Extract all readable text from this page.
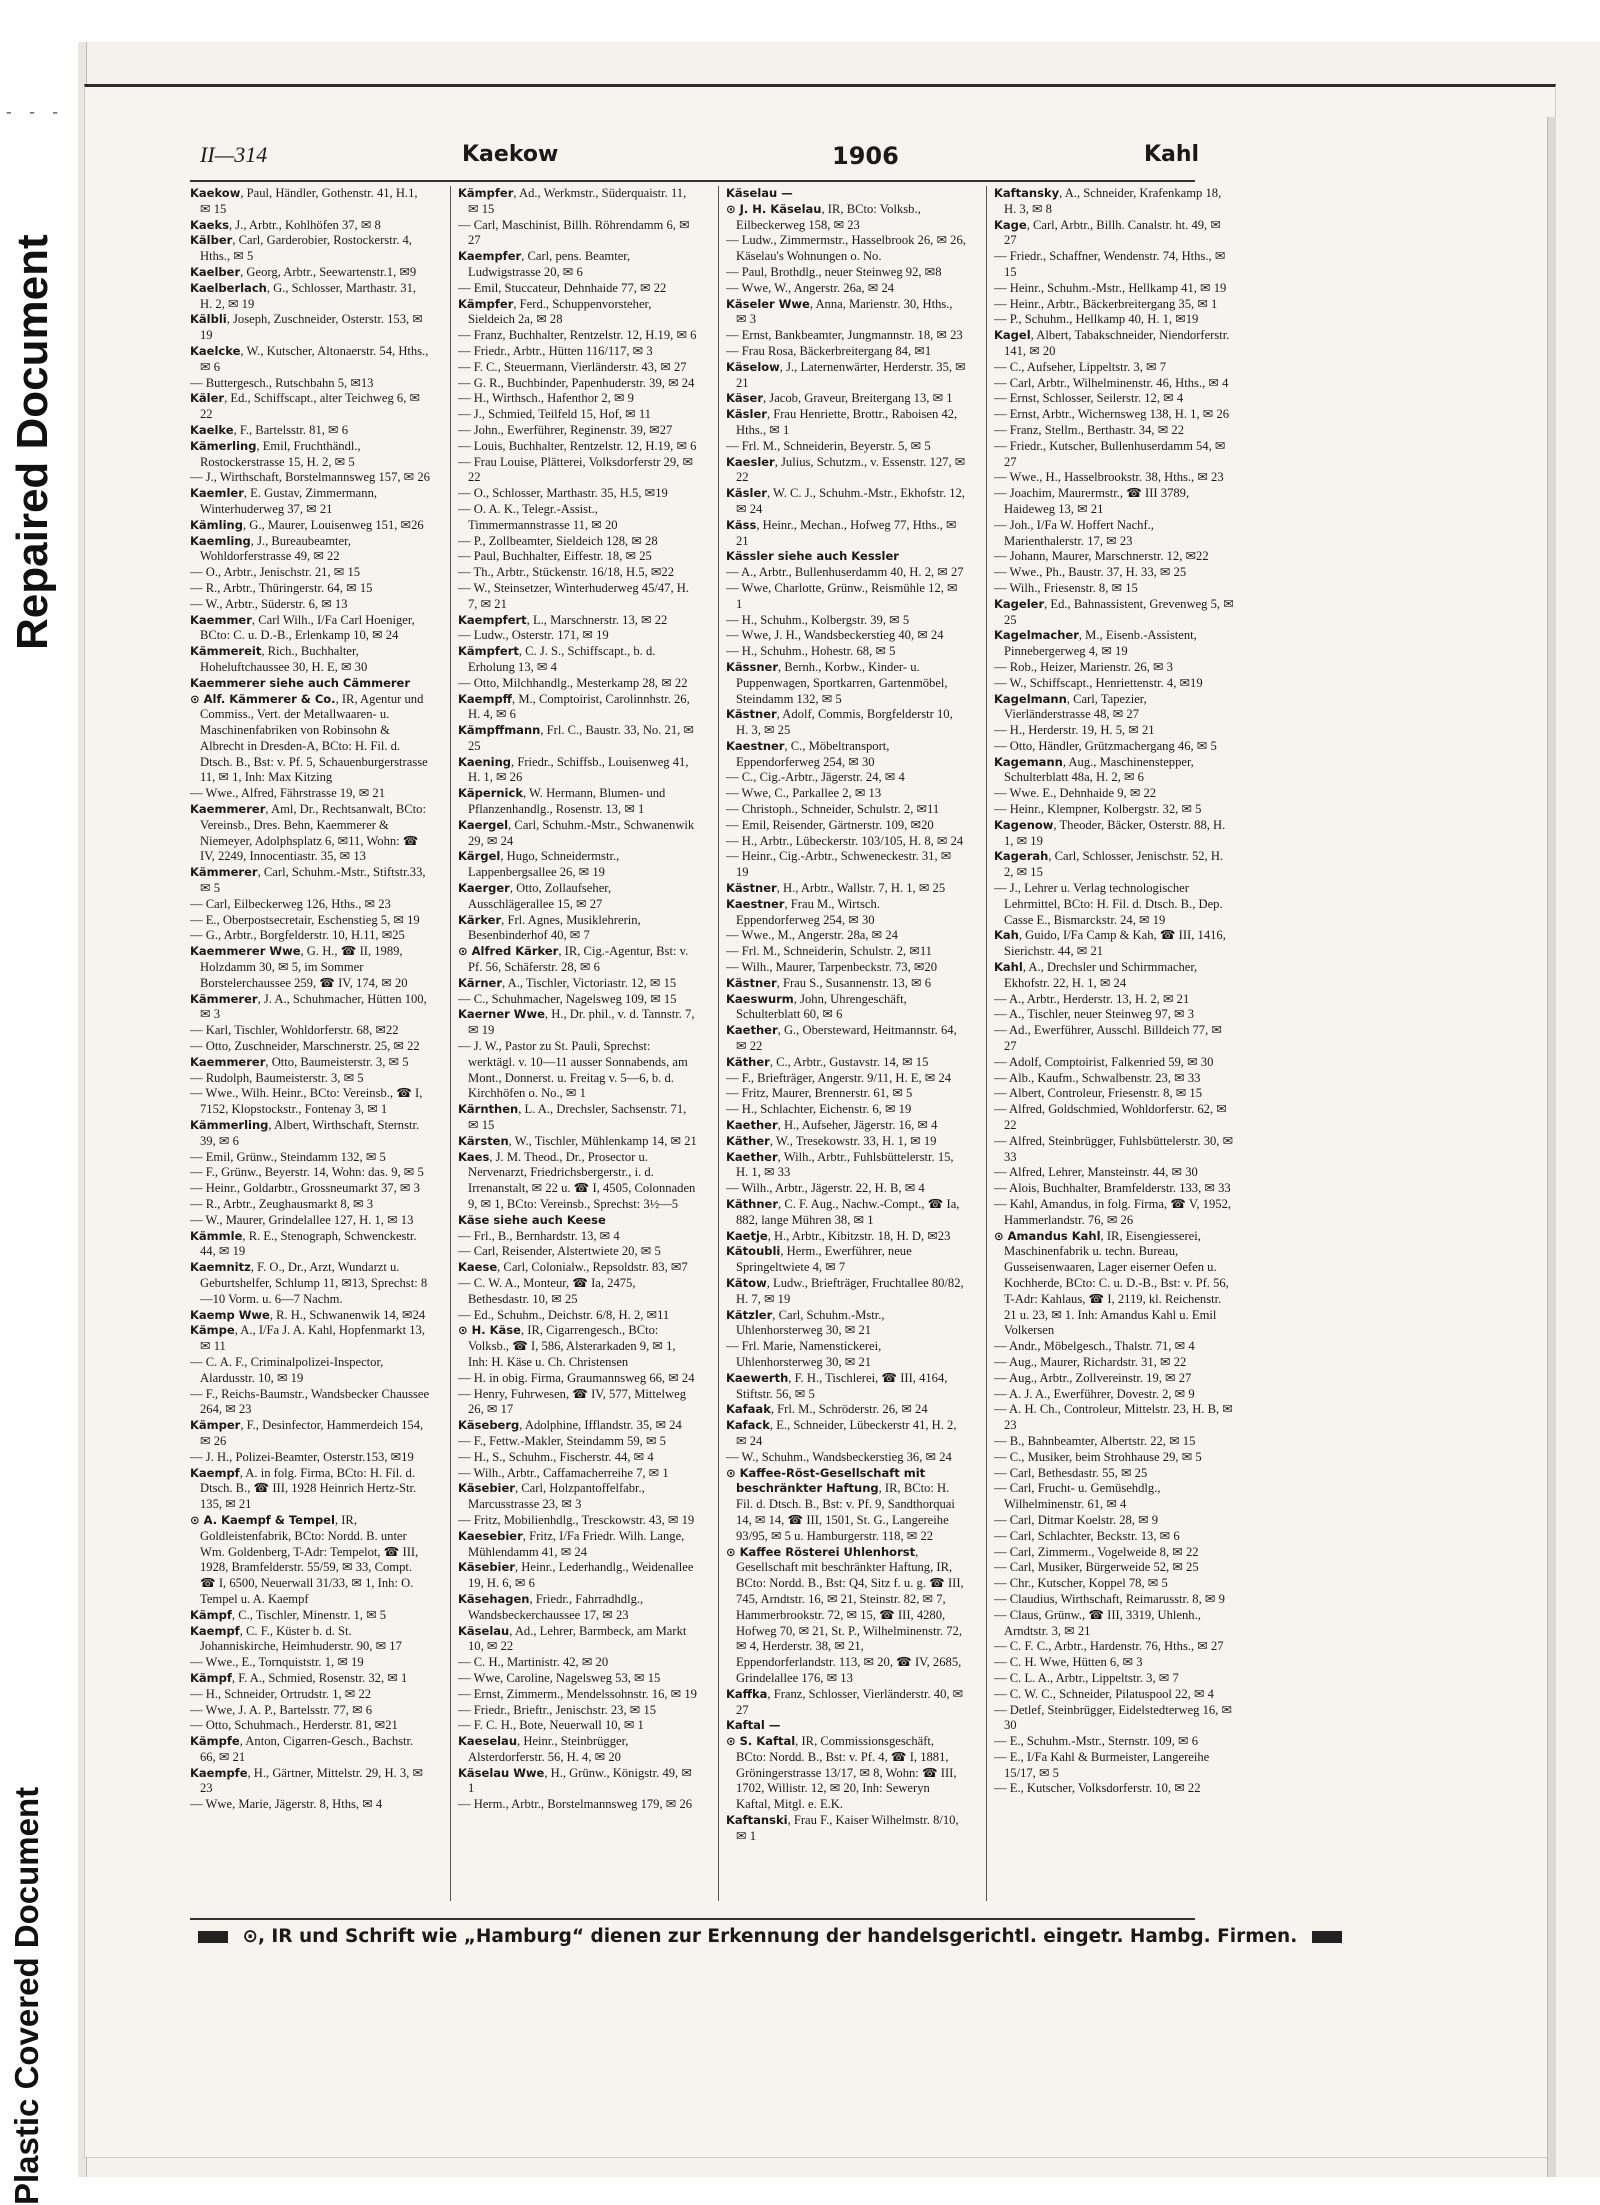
- - -
Repaired Document
Plastic Covered Document
II—314	Kaekow	1906	Kahl

Kaekow, Paul, Händler, Gothenstr. 41, H.1, ✉ 15

Kaeks, J., Arbtr., Kohlhöfen 37, ✉ 8

Kälber, Carl, Garderobier, Rostockerstr. 4, Hths., ✉ 5

Kaelber, Georg, Arbtr., Seewartenstr.1, ✉9

Kaelberlach, G., Schlosser, Marthastr. 31, H. 2, ✉ 19

Kälbli, Joseph, Zuschneider, Osterstr. 153, ✉ 19

Kaelcke, W., Kutscher, Altonaerstr. 54, Hths., ✉ 6

— Buttergesch., Rutschbahn 5, ✉13

Käler, Ed., Schiffscapt., alter Teichweg 6, ✉ 22

Kaelke, F., Bartelsstr. 81, ✉ 6

Kämerling, Emil, Fruchthändl., Rostockerstrasse 15, H. 2, ✉ 5

— J., Wirthschaft, Borstelmannsweg 157, ✉ 26

Kaemler, E. Gustav, Zimmermann, Winterhuderweg 37, ✉ 21

Kämling, G., Maurer, Louisenweg 151, ✉26

Kaemling, J., Bureaubeamter, Wohldorferstrasse 49, ✉ 22

— O., Arbtr., Jenischstr. 21, ✉ 15

— R., Arbtr., Thüringerstr. 64, ✉ 15

— W., Arbtr., Süderstr. 6, ✉ 13

Kaemmer, Carl Wilh., I/Fa Carl Hoeniger, BCto: C. u. D.-B., Erlenkamp 10, ✉ 24

Kämmereit, Rich., Buchhalter, Hoheluftchaussee 30, H. E, ✉ 30

Kaemmerer siehe auch Cämmerer

⊙ Alf. Kämmerer & Co., IR, Agentur und Commiss., Vert. der Metallwaaren- u. Maschinenfabriken von Robinsohn & Albrecht in Dresden-A, BCto: H. Fil. d. Dtsch. B., Bst: v. Pf. 5, Schauenburgerstrasse 11, ✉ 1, Inh: Max Kitzing

— Wwe., Alfred, Fährstrasse 19, ✉ 21

Kaemmerer, Aml, Dr., Rechtsanwalt, BCto: Vereinsb., Dres. Behn, Kaemmerer & Niemeyer, Adolphsplatz 6, ✉11, Wohn: ☎ IV, 2249, Innocentiastr. 35, ✉ 13

Kämmerer, Carl, Schuhm.-Mstr., Stiftstr.33, ✉ 5

— Carl, Eilbeckerweg 126, Hths., ✉ 23

— E., Oberpostsecretair, Eschenstieg 5, ✉ 19

— G., Arbtr., Borgfelderstr. 10, H.11, ✉25

Kaemmerer Wwe, G. H., ☎ II, 1989, Holzdamm 30, ✉ 5, im Sommer Borstelerchaussee 259, ☎ IV, 174, ✉ 20

Kämmerer, J. A., Schuhmacher, Hütten 100, ✉ 3

— Karl, Tischler, Wohldorferstr. 68, ✉22

— Otto, Zuschneider, Marschnerstr. 25, ✉ 22

Kaemmerer, Otto, Baumeisterstr. 3, ✉ 5

— Rudolph, Baumeisterstr. 3, ✉ 5

— Wwe., Wilh. Heinr., BCto: Vereinsb., ☎ I, 7152, Klopstockstr., Fontenay 3, ✉ 1

Kämmerling, Albert, Wirthschaft, Sternstr. 39, ✉ 6

— Emil, Grünw., Steindamm 132, ✉ 5

— F., Grünw., Beyerstr. 14, Wohn: das. 9, ✉ 5

— Heinr., Goldarbtr., Grossneumarkt 37, ✉ 3

— R., Arbtr., Zeughausmarkt 8, ✉ 3

— W., Maurer, Grindelallee 127, H. 1, ✉ 13

Kämmle, R. E., Stenograph, Schwenckestr. 44, ✉ 19

Kaemnitz, F. O., Dr., Arzt, Wundarzt u. Geburtshelfer, Schlump 11, ✉13, Sprechst: 8—10 Vorm. u. 6—7 Nachm.

Kaemp Wwe, R. H., Schwanenwik 14, ✉24

Kämpe, A., I/Fa J. A. Kahl, Hopfenmarkt 13, ✉ 11

— C. A. F., Criminalpolizei-Inspector, Alardusstr. 10, ✉ 19

— F., Reichs-Baumstr., Wandsbecker Chaussee 264, ✉ 23

Kämper, F., Desinfector, Hammerdeich 154, ✉ 26

— J. H., Polizei-Beamter, Osterstr.153, ✉19

Kaempf, A. in folg. Firma, BCto: H. Fil. d. Dtsch. B., ☎ III, 1928 Heinrich Hertz-Str. 135, ✉ 21

⊙ A. Kaempf & Tempel, IR, Goldleistenfabrik, BCto: Nordd. B. unter Wm. Goldenberg, T-Adr: Tempelot, ☎ III, 1928, Bramfelderstr. 55/59, ✉ 33, Compt. ☎ I, 6500, Neuerwall 31/33, ✉ 1, Inh: O. Tempel u. A. Kaempf

Kämpf, C., Tischler, Minenstr. 1, ✉ 5

Kaempf, C. F., Küster b. d. St. Johanniskirche, Heimhuderstr. 90, ✉ 17

— Wwe., E., Tornquiststr. 1, ✉ 19

Kämpf, F. A., Schmied, Rosenstr. 32, ✉ 1

— H., Schneider, Ortrudstr. 1, ✉ 22

— Wwe, J. A. P., Bartelsstr. 77, ✉ 6

— Otto, Schuhmach., Herderstr. 81, ✉21

Kämpfe, Anton, Cigarren-Gesch., Bachstr. 66, ✉ 21

Kaempfe, H., Gärtner, Mittelstr. 29, H. 3, ✉ 23

— Wwe, Marie, Jägerstr. 8, Hths, ✉ 4

Kämpfer, Ad., Werkmstr., Süderquaistr. 11, ✉ 15

— Carl, Maschinist, Billh. Röhrendamm 6, ✉ 27

Kaempfer, Carl, pens. Beamter, Ludwigstrasse 20, ✉ 6

— Emil, Stuccateur, Dehnhaide 77, ✉ 22

Kämpfer, Ferd., Schuppenvorsteher, Sieldeich 2a, ✉ 28

— Franz, Buchhalter, Rentzelstr. 12, H.19, ✉ 6

— Friedr., Arbtr., Hütten 116/117, ✉ 3

— F. C., Steuermann, Vierländerstr. 43, ✉ 27

— G. R., Buchbinder, Papenhuderstr. 39, ✉ 24

— H., Wirthsch., Hafenthor 2, ✉ 9

— J., Schmied, Teilfeld 15, Hof, ✉ 11

— John., Ewerführer, Reginenstr. 39, ✉27

— Louis, Buchhalter, Rentzelstr. 12, H.19, ✉ 6

— Frau Louise, Plätterei, Volksdorferstr 29, ✉ 22

— O., Schlosser, Marthastr. 35, H.5, ✉19

— O. A. K., Telegr.-Assist., Timmermannstrasse 11, ✉ 20

— P., Zollbeamter, Sieldeich 128, ✉ 28

— Paul, Buchhalter, Eiffestr. 18, ✉ 25

— Th., Arbtr., Stückenstr. 16/18, H.5, ✉22

— W., Steinsetzer, Winterhuderweg 45/47, H. 7, ✉ 21

Kaempfert, L., Marschnerstr. 13, ✉ 22

— Ludw., Osterstr. 171, ✉ 19

Kämpfert, C. J. S., Schiffscapt., b. d. Erholung 13, ✉ 4

— Otto, Milchhandlg., Mesterkamp 28, ✉ 22

Kaempff, M., Comptoirist, Carolinnhstr. 26, H. 4, ✉ 6

Kämpffmann, Frl. C., Baustr. 33, No. 21, ✉25

Kaening, Friedr., Schiffsb., Louisenweg 41, H. 1, ✉ 26

Käpernick, W. Hermann, Blumen- und Pflanzenhandlg., Rosenstr. 13, ✉ 1

Kaergel, Carl, Schuhm.-Mstr., Schwanenwik 29, ✉ 24

Kärgel, Hugo, Schneidermstr., Lappenbergsallee 26, ✉ 19

Kaerger, Otto, Zollaufseher, Ausschlägerallee 15, ✉ 27

Kärker, Frl. Agnes, Musiklehrerin, Besenbinderhof 40, ✉ 7

⊙ Alfred Kärker, IR, Cig.-Agentur, Bst: v. Pf. 56, Schäferstr. 28, ✉ 6

Kärner, A., Tischler, Victoriastr. 12, ✉ 15

— C., Schuhmacher, Nagelsweg 109, ✉ 15

Kaerner Wwe, H., Dr. phil., v. d. Tannstr. 7, ✉ 19

— J. W., Pastor zu St. Pauli, Sprechst: werktägl. v. 10—11 ausser Sonnabends, am Mont., Donnerst. u. Freitag v. 5—6, b. d. Kirchhöfen o. No., ✉ 1

Kärnthen, L. A., Drechsler, Sachsenstr. 71, ✉ 15

Kärsten, W., Tischler, Mühlenkamp 14, ✉ 21

Kaes, J. M. Theod., Dr., Prosector u. Nervenarzt, Friedrichsbergerstr., i. d. Irrenanstalt, ✉ 22 u. ☎ I, 4505, Colonnaden 9, ✉ 1, BCto: Vereinsb., Sprechst: 3½—5

Käse siehe auch Keese

— Frl., B., Bernhardstr. 13, ✉ 4

— Carl, Reisender, Alstertwiete 20, ✉ 5

Kaese, Carl, Colonialw., Repsoldstr. 83, ✉7

— C. W. A., Monteur, ☎ Ia, 2475, Bethesdastr. 10, ✉ 25

— Ed., Schuhm., Deichstr. 6/8, H. 2, ✉11

⊙ H. Käse, IR, Cigarrengesch., BCto: Volksb., ☎ I, 586, Alsterarkaden 9, ✉ 1, Inh: H. Käse u. Ch. Christensen

— H. in obig. Firma, Graumannsweg 66, ✉ 24

— Henry, Fuhrwesen, ☎ IV, 577, Mittelweg 26, ✉ 17

Käseberg, Adolphine, Ifflandstr. 35, ✉ 24

— F., Fettw.-Makler, Steindamm 59, ✉ 5

— H., S., Schuhm., Fischerstr. 44, ✉ 4

— Wilh., Arbtr., Caffamacherreihe 7, ✉ 1

Käsebier, Carl, Holzpantoffelfabr., Marcusstrasse 23, ✉ 3

— Fritz, Mobilienhdlg., Tresckowstr. 43, ✉ 19

Kaesebier, Fritz, I/Fa Friedr. Wilh. Lange, Mühlendamm 41, ✉ 24

Käsebier, Heinr., Lederhandlg., Weidenallee 19, H. 6, ✉ 6

Käsehagen, Friedr., Fahrradhdlg., Wandsbeckerchaussee 17, ✉ 23

Käselau, Ad., Lehrer, Barmbeck, am Markt 10, ✉ 22

— C. H., Martinistr. 42, ✉ 20

— Wwe, Caroline, Nagelsweg 53, ✉ 15

— Ernst, Zimmerm., Mendelssohnstr. 16, ✉ 19

— Friedr., Brieftr., Jenischstr. 23, ✉ 15

— F. C. H., Bote, Neuerwall 10, ✉ 1

Kaeselau, Heinr., Steinbrügger, Alsterdorferstr. 56, H. 4, ✉ 20

Käselau Wwe, H., Grünw., Königstr. 49, ✉ 1

— Herm., Arbtr., Borstelmannsweg 179, ✉ 26

Käselau —

⊙ J. H. Käselau, IR, BCto: Volksb., Eilbeckerweg 158, ✉ 23

— Ludw., Zimmermstr., Hasselbrook 26, ✉ 26, Käselau's Wohnungen o. No.

— Paul, Brothdlg., neuer Steinweg 92, ✉8

— Wwe, W., Angerstr. 26a, ✉ 24

Käseler Wwe, Anna, Marienstr. 30, Hths., ✉ 3

— Ernst, Bankbeamter, Jungmannstr. 18, ✉ 23

— Frau Rosa, Bäckerbreitergang 84, ✉1

Käselow, J., Laternenwärter, Herderstr. 35, ✉ 21

Käser, Jacob, Graveur, Breitergang 13, ✉ 1

Käsler, Frau Henriette, Brottr., Raboisen 42, Hths., ✉ 1

— Frl. M., Schneiderin, Beyerstr. 5, ✉ 5

Kaesler, Julius, Schutzm., v. Essenstr. 127, ✉ 22

Käsler, W. C. J., Schuhm.-Mstr., Ekhofstr. 12, ✉ 24

Käss, Heinr., Mechan., Hofweg 77, Hths., ✉ 21

Kässler siehe auch Kessler

— A., Arbtr., Bullenhuserdamm 40, H. 2, ✉ 27

— Wwe, Charlotte, Grünw., Reismühle 12, ✉ 1

— H., Schuhm., Kolbergstr. 39, ✉ 5

— Wwe, J. H., Wandsbeckerstieg 40, ✉ 24

— H., Schuhm., Hohestr. 68, ✉ 5

Kässner, Bernh., Korbw., Kinder- u. Puppenwagen, Sportkarren, Gartenmöbel, Steindamm 132, ✉ 5

Kästner, Adolf, Commis, Borgfelderstr 10, H. 3, ✉ 25

Kaestner, C., Möbeltransport, Eppendorferweg 254, ✉ 30

— C., Cig.-Arbtr., Jägerstr. 24, ✉ 4

— Wwe, C., Parkallee 2, ✉ 13

— Christoph., Schneider, Schulstr. 2, ✉11

— Emil, Reisender, Gärtnerstr. 109, ✉20

— H., Arbtr., Lübeckerstr. 103/105, H. 8, ✉ 24

— Heinr., Cig.-Arbtr., Schweneckestr. 31, ✉ 19

Kästner, H., Arbtr., Wallstr. 7, H. 1, ✉ 25

Kaestner, Frau M., Wirtsch. Eppendorferweg 254, ✉ 30

— Wwe., M., Angerstr. 28a, ✉ 24

— Frl. M., Schneiderin, Schulstr. 2, ✉11

— Wilh., Maurer, Tarpenbeckstr. 73, ✉20

Kästner, Frau S., Susannenstr. 13, ✉ 6

Kaeswurm, John, Uhrengeschäft, Schulterblatt 60, ✉ 6

Kaether, G., Obersteward, Heitmannstr. 64, ✉ 22

Käther, C., Arbtr., Gustavstr. 14, ✉ 15

— F., Briefträger, Angerstr. 9/11, H. E, ✉ 24

— Fritz, Maurer, Brennerstr. 61, ✉ 5

— H., Schlachter, Eichenstr. 6, ✉ 19

Kaether, H., Aufseher, Jägerstr. 16, ✉ 4

Käther, W., Tresekowstr. 33, H. 1, ✉ 19

Kaether, Wilh., Arbtr., Fuhlsbüttelerstr. 15, H. 1, ✉ 33

— Wilh., Arbtr., Jägerstr. 22, H. B, ✉ 4

Käthner, C. F. Aug., Nachw.-Compt., ☎ Ia, 882, lange Mühren 38, ✉ 1

Kaetje, H., Arbtr., Kibitzstr. 18, H. D, ✉23

Kätoubli, Herm., Ewerführer, neue Springeltwiete 4, ✉ 7

Kätow, Ludw., Briefträger, Fruchtallee 80/82, H. 7, ✉ 19

Kätzler, Carl, Schuhm.-Mstr., Uhlenhorsterweg 30, ✉ 21

— Frl. Marie, Namenstickerei, Uhlenhorsterweg 30, ✉ 21

Kaewerth, F. H., Tischlerei, ☎ III, 4164, Stiftstr. 56, ✉ 5

Kafaak, Frl. M., Schröderstr. 26, ✉ 24

Kafack, E., Schneider, Lübeckerstr 41, H. 2, ✉ 24

— W., Schuhm., Wandsbeckerstieg 36, ✉ 24

⊙ Kaffee-Röst-Gesellschaft mit beschränkter Haftung, IR, BCto: H. Fil. d. Dtsch. B., Bst: v. Pf. 9, Sandthorquai 14, ✉ 14, ☎ III, 1501, St. G., Langereihe 93/95, ✉ 5 u. Hamburgerstr. 118, ✉ 22

⊙ Kaffee Rösterei Uhlenhorst, Gesellschaft mit beschränkter Haftung, IR, BCto: Nordd. B., Bst: Q4, Sitz f. u. g. ☎ III, 745, Arndtstr. 16, ✉ 21, Steinstr. 82, ✉ 7, Hammerbrookstr. 72, ✉ 15, ☎ III, 4280, Hofweg 70, ✉ 21, St. P., Wilhelminenstr. 72, ✉ 4, Herderstr. 38, ✉ 21, Eppendorferlandstr. 113, ✉ 20, ☎ IV, 2685, Grindelallee 176, ✉ 13

Kaffka, Franz, Schlosser, Vierländerstr. 40, ✉ 27

Kaftal —

⊙ S. Kaftal, IR, Commissionsgeschäft, BCto: Nordd. B., Bst: v. Pf. 4, ☎ I, 1881, Gröningerstrasse 13/17, ✉ 8, Wohn: ☎ III, 1702, Willistr. 12, ✉ 20, Inh: Seweryn Kaftal, Mitgl. e. E.K.

Kaftanski, Frau F., Kaiser Wilhelmstr. 8/10, ✉ 1

Kaftansky, A., Schneider, Krafenkamp 18, H. 3, ✉ 8

Kage, Carl, Arbtr., Billh. Canalstr. ht. 49, ✉ 27

— Friedr., Schaffner, Wendenstr. 74, Hths., ✉ 15

— Heinr., Schuhm.-Mstr., Hellkamp 41, ✉ 19

— Heinr., Arbtr., Bäckerbreitergang 35, ✉ 1

— P., Schuhm., Hellkamp 40, H. 1, ✉19

Kagel, Albert, Tabakschneider, Niendorferstr. 141, ✉ 20

— C., Aufseher, Lippeltstr. 3, ✉ 7

— Carl, Arbtr., Wilhelminenstr. 46, Hths., ✉ 4

— Ernst, Schlosser, Seilerstr. 12, ✉ 4

— Ernst, Arbtr., Wichernsweg 138, H. 1, ✉ 26

— Franz, Stellm., Berthastr. 34, ✉ 22

— Friedr., Kutscher, Bullenhuserdamm 54, ✉ 27

— Wwe., H., Hasselbrookstr. 38, Hths., ✉ 23

— Joachim, Maurermstr., ☎ III 3789, Haideweg 13, ✉ 21

— Joh., I/Fa W. Hoffert Nachf., Marienthalerstr. 17, ✉ 23

— Johann, Maurer, Marschnerstr. 12, ✉22

— Wwe., Ph., Baustr. 37, H. 33, ✉ 25

— Wilh., Friesenstr. 8, ✉ 15

Kageler, Ed., Bahnassistent, Grevenweg 5, ✉ 25

Kagelmacher, M., Eisenb.-Assistent, Pinnebergerweg 4, ✉ 19

— Rob., Heizer, Marienstr. 26, ✉ 3

— W., Schiffscapt., Henriettenstr. 4, ✉19

Kagelmann, Carl, Tapezier, Vierländerstrasse 48, ✉ 27

— H., Herderstr. 19, H. 5, ✉ 21

— Otto, Händler, Grützmachergang 46, ✉ 5

Kagemann, Aug., Maschinenstepper, Schulterblatt 48a, H. 2, ✉ 6

— Wwe. E., Dehnhaide 9, ✉ 22

— Heinr., Klempner, Kolbergstr. 32, ✉ 5

Kagenow, Theoder, Bäcker, Osterstr. 88, H. 1, ✉ 19

Kagerah, Carl, Schlosser, Jenischstr. 52, H. 2, ✉ 15

— J., Lehrer u. Verlag technologischer Lehrmittel, BCto: H. Fil. d. Dtsch. B., Dep. Casse E., Bismarckstr. 24, ✉ 19

Kah, Guido, I/Fa Camp & Kah, ☎ III, 1416, Sierichstr. 44, ✉ 21

Kahl, A., Drechsler und Schirmmacher, Ekhofstr. 22, H. 1, ✉ 24

— A., Arbtr., Herderstr. 13, H. 2, ✉ 21

— A., Tischler, neuer Steinweg 97, ✉ 3

— Ad., Ewerführer, Ausschl. Billdeich 77, ✉ 27

— Adolf, Comptoirist, Falkenried 59, ✉ 30

— Alb., Kaufm., Schwalbenstr. 23, ✉ 33

— Albert, Controleur, Friesenstr. 8, ✉ 15

— Alfred, Goldschmied, Wohldorferstr. 62, ✉ 22

— Alfred, Steinbrügger, Fuhlsbüttelerstr. 30, ✉ 33

— Alfred, Lehrer, Mansteinstr. 44, ✉ 30

— Alois, Buchhalter, Bramfelderstr. 133, ✉ 33

— Kahl, Amandus, in folg. Firma, ☎ V, 1952, Hammerlandstr. 76, ✉ 26

⊙ Amandus Kahl, IR, Eisengiesserei, Maschinenfabrik u. techn. Bureau, Gusseisenwaaren, Lager eiserner Oefen u. Kochherde, BCto: C. u. D.-B., Bst: v. Pf. 56, T-Adr: Kahlaus, ☎ I, 2119, kl. Reichenstr. 21 u. 23, ✉ 1. Inh: Amandus Kahl u. Emil Volkersen

— Andr., Möbelgesch., Thalstr. 71, ✉ 4

— Aug., Maurer, Richardstr. 31, ✉ 22

— Aug., Arbtr., Zollvereinstr. 19, ✉ 27

— A. J. A., Ewerführer, Dovestr. 2, ✉ 9

— A. H. Ch., Controleur, Mittelstr. 23, H. B, ✉ 23

— B., Bahnbeamter, Albertstr. 22, ✉ 15

— C., Musiker, beim Strohhause 29, ✉ 5

— Carl, Bethesdastr. 55, ✉ 25

— Carl, Frucht- u. Gemüsehdlg., Wilhelminenstr. 61, ✉ 4

— Carl, Ditmar Koelstr. 28, ✉ 9

— Carl, Schlachter, Beckstr. 13, ✉ 6

— Carl, Zimmerm., Vogelweide 8, ✉ 22

— Carl, Musiker, Bürgerweide 52, ✉ 25

— Chr., Kutscher, Koppel 78, ✉ 5

— Claudius, Wirthschaft, Reimarusstr. 8, ✉ 9

— Claus, Grünw., ☎ III, 3319, Uhlenh., Arndtstr. 3, ✉ 21

— C. F. C., Arbtr., Hardenstr. 76, Hths., ✉ 27

— C. H. Wwe, Hütten 6, ✉ 3

— C. L. A., Arbtr., Lippeltstr. 3, ✉ 7

— C. W. C., Schneider, Pilatuspool 22, ✉ 4

— Detlef, Steinbrügger, Eidelstedterweg 16, ✉ 30

— E., Schuhm.-Mstr., Sternstr. 109, ✉ 6

— E., I/Fa Kahl & Burmeister, Langereihe 15/17, ✉ 5

— E., Kutscher, Volksdorferstr. 10, ✉ 22

⊙, IR und Schrift wie „Hamburg“ dienen zur Erkennung der handelsgerichtl. eingetr. Hambg. Firmen.
